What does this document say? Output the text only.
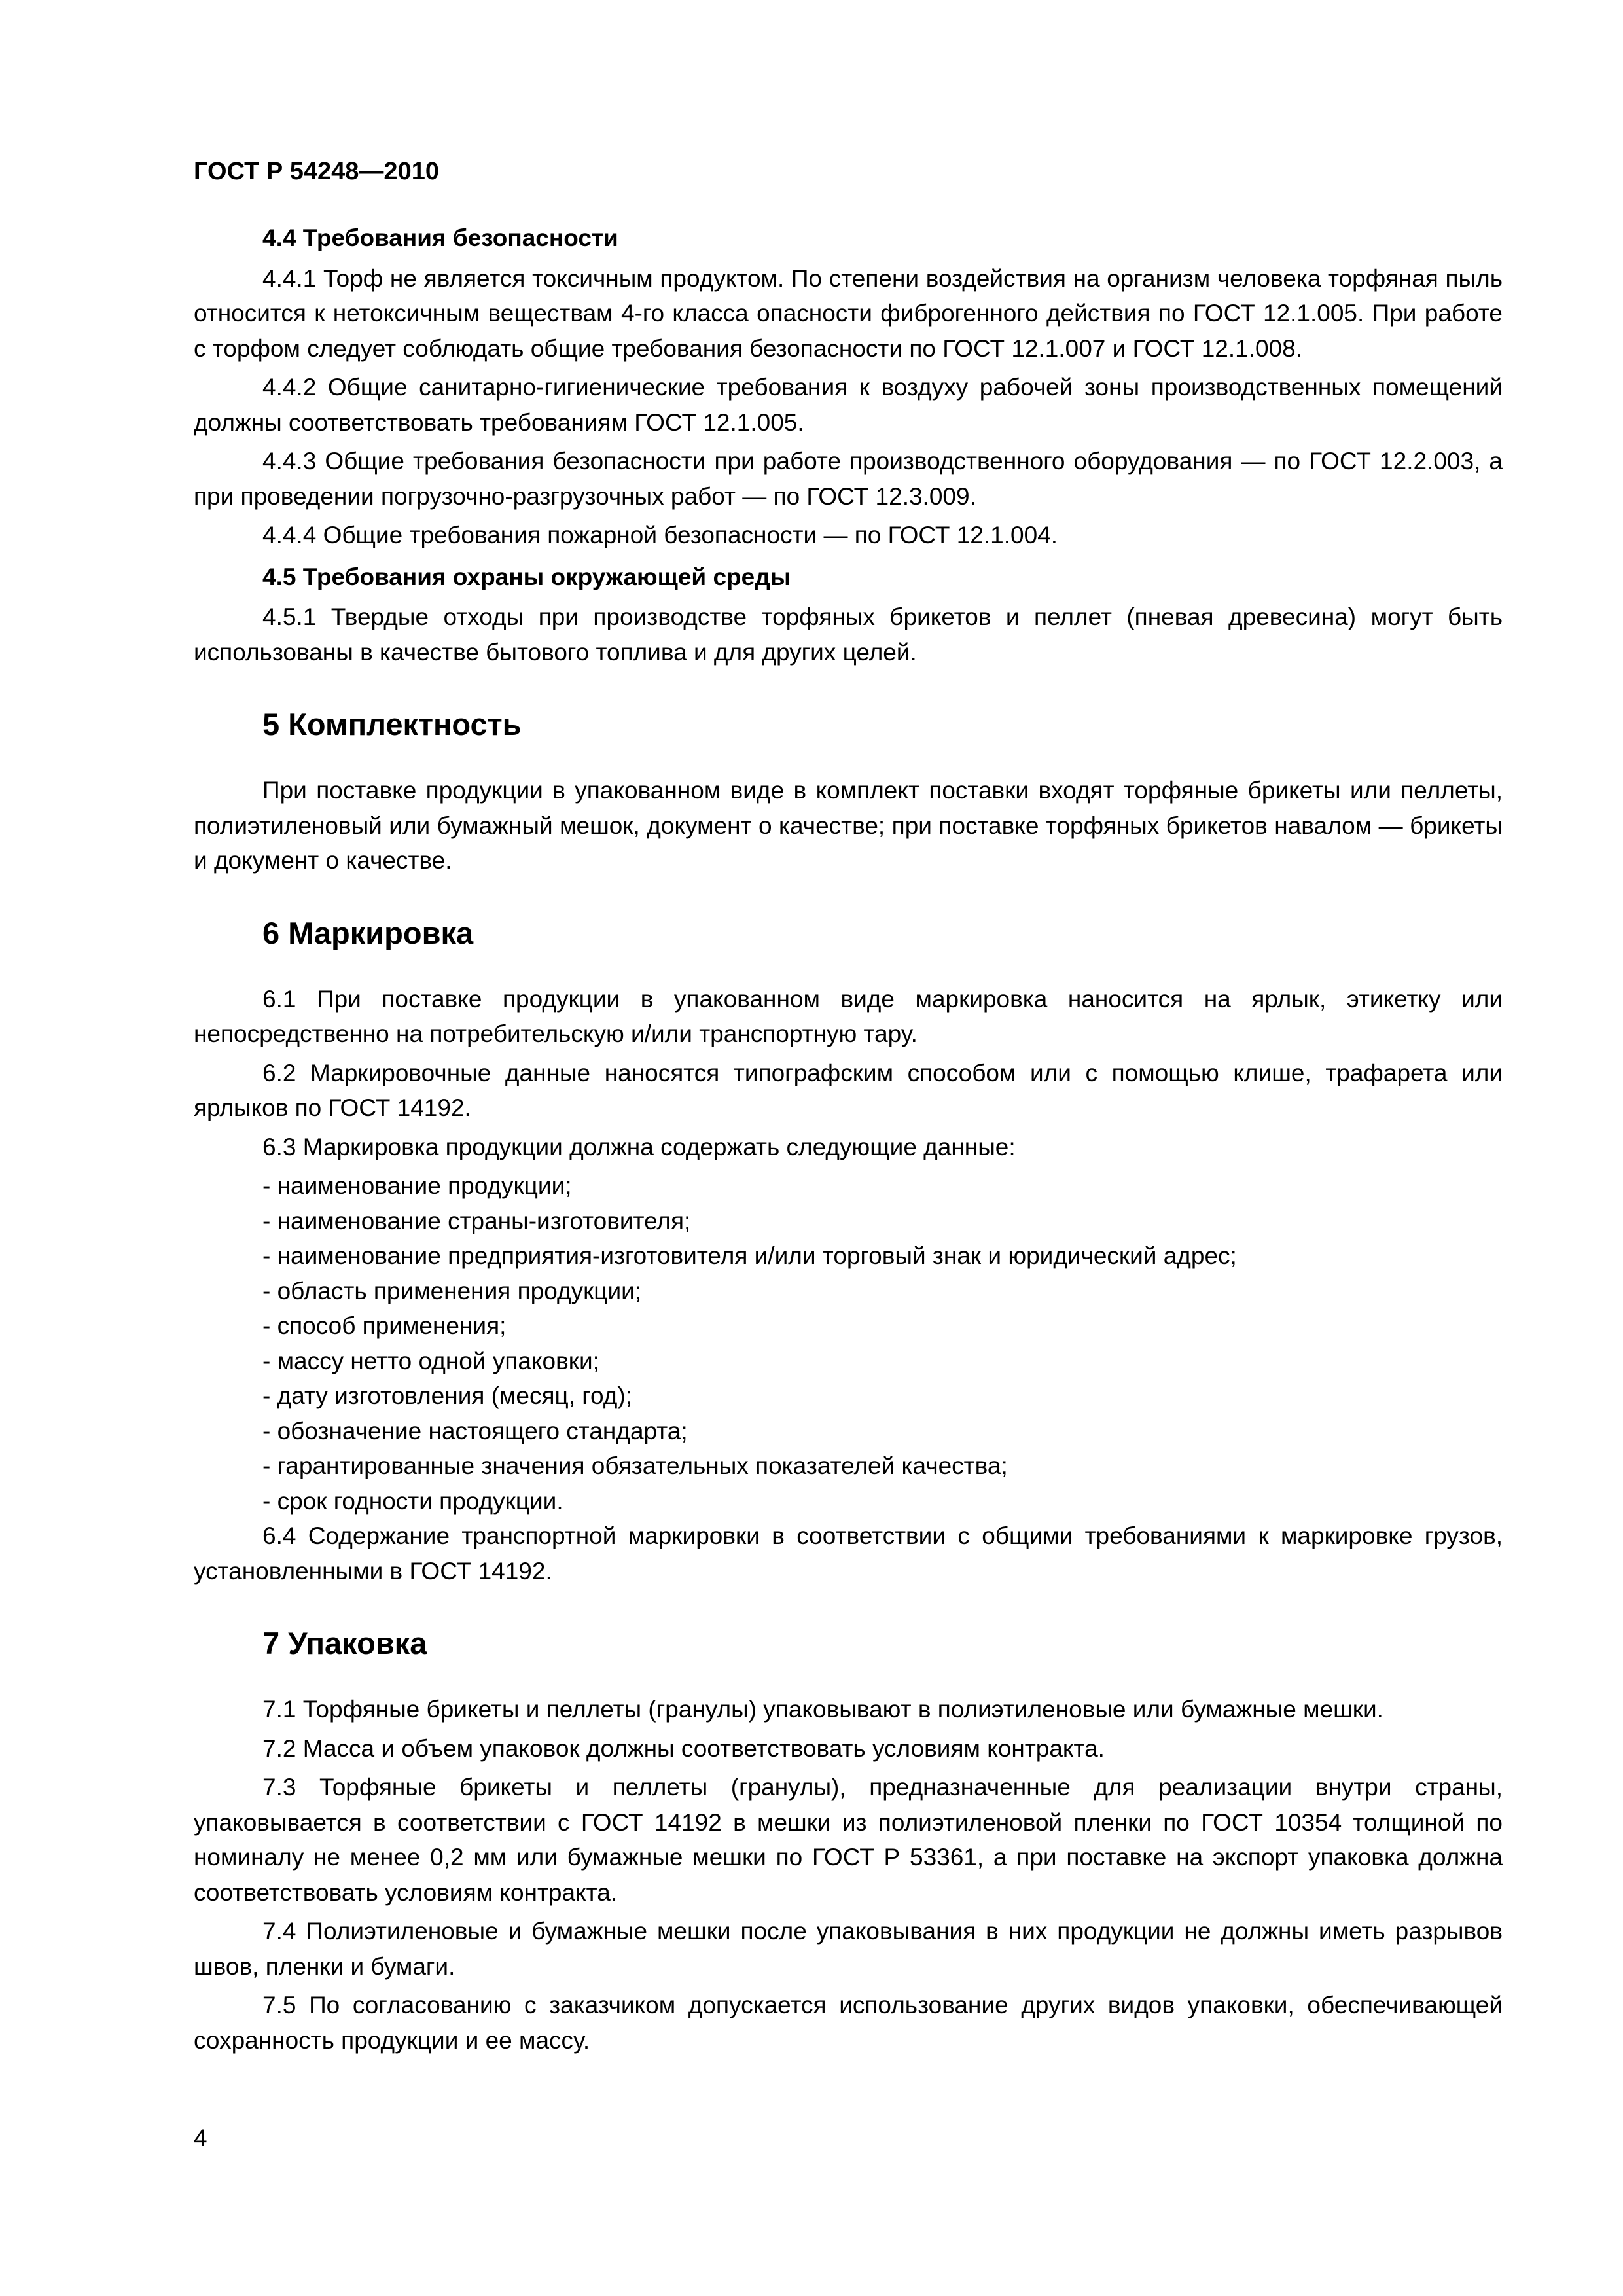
ГОСТ Р 54248—2010
4.4 Требования безопасности
4.4.1 Торф не является токсичным продуктом. По степени воздействия на организм человека торфяная пыль относится к нетоксичным веществам 4-го класса опасности фиброгенного действия по ГОСТ 12.1.005. При работе с торфом следует соблюдать общие требования безопасности по ГОСТ 12.1.007 и ГОСТ 12.1.008.
4.4.2 Общие санитарно-гигиенические требования к воздуху рабочей зоны производственных помещений должны соответствовать требованиям ГОСТ 12.1.005.
4.4.3 Общие требования безопасности при работе производственного оборудования — по ГОСТ 12.2.003, а при проведении погрузочно-разгрузочных работ — по ГОСТ 12.3.009.
4.4.4 Общие требования пожарной безопасности — по ГОСТ 12.1.004.
4.5 Требования охраны окружающей среды
4.5.1 Твердые отходы при производстве торфяных брикетов и пеллет (пневая древесина) могут быть использованы в качестве бытового топлива и для других целей.
5 Комплектность
При поставке продукции в упакованном виде в комплект поставки входят торфяные брикеты или пеллеты, полиэтиленовый или бумажный мешок, документ о качестве; при поставке торфяных брикетов навалом — брикеты и документ о качестве.
6 Маркировка
6.1 При поставке продукции в упакованном виде маркировка наносится на ярлык, этикетку или непосредственно на потребительскую и/или транспортную тару.
6.2 Маркировочные данные наносятся типографским способом или с помощью клише, трафарета или ярлыков по ГОСТ 14192.
6.3 Маркировка продукции должна содержать следующие данные:
- наименование продукции;
- наименование страны-изготовителя;
- наименование предприятия-изготовителя и/или торговый знак и юридический адрес;
- область применения продукции;
- способ применения;
- массу нетто одной упаковки;
- дату изготовления (месяц, год);
- обозначение настоящего стандарта;
- гарантированные значения обязательных показателей качества;
- срок годности продукции.
6.4 Содержание транспортной маркировки в соответствии с общими требованиями к маркировке грузов, установленными в ГОСТ 14192.
7 Упаковка
7.1 Торфяные брикеты и пеллеты (гранулы) упаковывают в полиэтиленовые или бумажные мешки.
7.2 Масса и объем упаковок должны соответствовать условиям контракта.
7.3 Торфяные брикеты и пеллеты (гранулы), предназначенные для реализации внутри страны, упаковывается в соответствии с ГОСТ 14192 в мешки из полиэтиленовой пленки по ГОСТ 10354 толщиной по номиналу не менее 0,2 мм или бумажные мешки по ГОСТ Р 53361, а при поставке на экспорт упаковка должна соответствовать условиям контракта.
7.4 Полиэтиленовые и бумажные мешки после упаковывания в них продукции не должны иметь разрывов швов, пленки и бумаги.
7.5 По согласованию с заказчиком допускается использование других видов упаковки, обеспечивающей сохранность продукции и ее массу.
4
